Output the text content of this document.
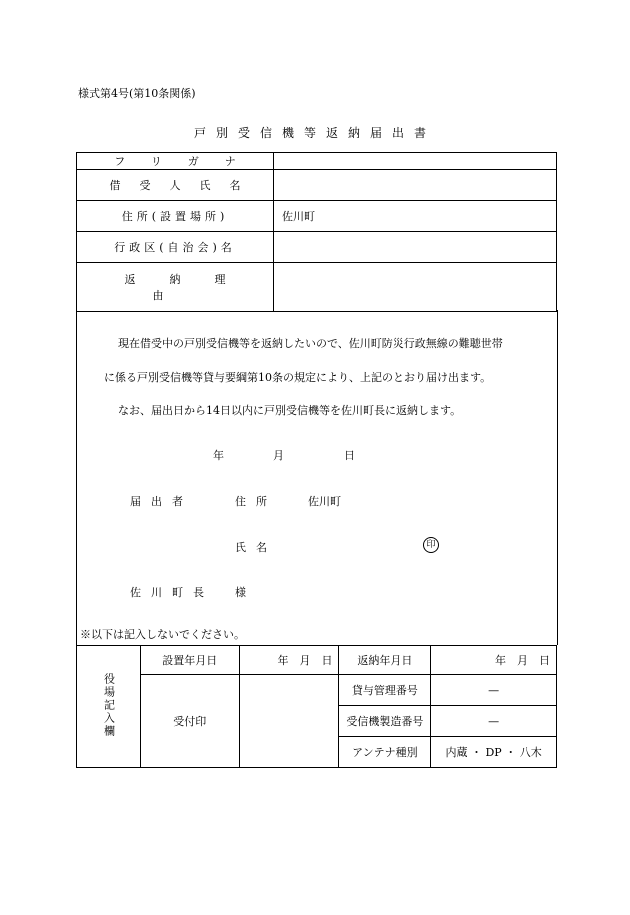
様式第4号(第10条関係)
戸別受信機等返納届出書
フリガナ	
借受人氏名	
住所(設置場所)	佐川町
行政区(自治会)名	
返納理由	
現在借受中の戸別受信機等を返納したいので、佐川町防災行政無線の難聴世帯
に係る戸別受信機等貸与要綱第10条の規定により、上記のとおり届け出ます。
なお、届出日から14日以内に戸別受信機等を佐川町長に返納します。
年	月	日
届出者	住所	佐川町
氏名	印
佐川町長　様
※以下は記入しないでください。
役場記入欄	設置年月日	年　月　日	返納年月日	年　月　日
	受付印		貸与管理番号	—
			受信機製造番号	—
			アンテナ種別	内蔵 ・ DP ・ 八木
